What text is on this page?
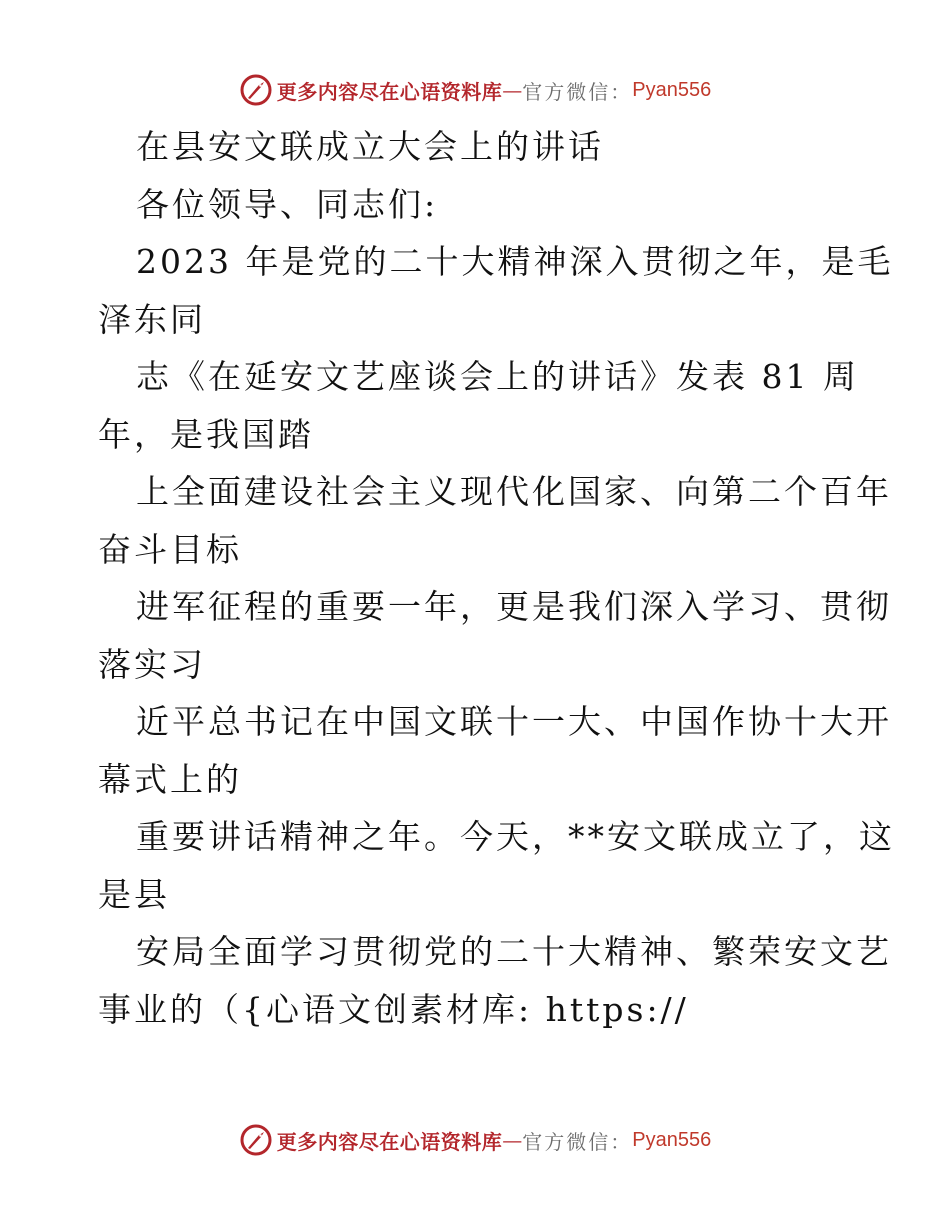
更多内容尽在心语资料库 — 官方微信： Pyan556
在县安文联成立大会上的讲话
各位领导、同志们:
2023 年是党的二十大精神深入贯彻之年，是毛
泽东同
志《在延安文艺座谈会上的讲话》发表 81 周
年，是我国踏
上全面建设社会主义现代化国家、向第二个百年
奋斗目标
进军征程的重要一年，更是我们深入学习、贯彻
落实习
近平总书记在中国文联十一大、中国作协十大开
幕式上的
重要讲话精神之年。今天，**安文联成立了，这
是县
安局全面学习贯彻党的二十大精神、繁荣安文艺
事业的（{心语文创素材库: https://
更多内容尽在心语资料库 — 官方微信： Pyan556
